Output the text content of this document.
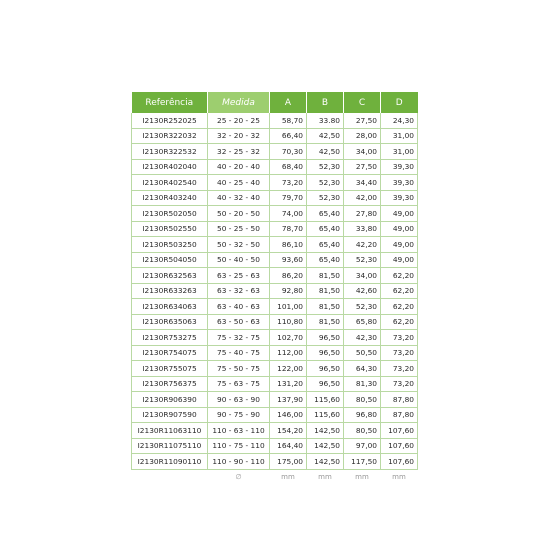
Referência	Medida	A	B	C	D
I2130R252025	25 - 20 - 25	58,70	33.80	27,50	24,30
I2130R322032	32 - 20 - 32	66,40	42,50	28,00	31,00
I2130R322532	32 - 25 - 32	70,30	42,50	34,00	31,00
I2130R402040	40 - 20 - 40	68,40	52,30	27,50	39,30
I2130R402540	40 - 25 - 40	73,20	52,30	34,40	39,30
I2130R403240	40 - 32 - 40	79,70	52,30	42,00	39,30
I2130R502050	50 - 20 - 50	74,00	65,40	27,80	49,00
I2130R502550	50 - 25 - 50	78,70	65,40	33,80	49,00
I2130R503250	50 - 32 - 50	86,10	65,40	42,20	49,00
I2130R504050	50 - 40 - 50	93,60	65,40	52,30	49,00
I2130R632563	63 - 25 - 63	86,20	81,50	34,00	62,20
I2130R633263	63 - 32 - 63	92,80	81,50	42,60	62,20
I2130R634063	63 - 40 - 63	101,00	81,50	52,30	62,20
I2130R635063	63 - 50 - 63	110,80	81,50	65,80	62,20
I2130R753275	75 - 32 - 75	102,70	96,50	42,30	73,20
I2130R754075	75 - 40 - 75	112,00	96,50	50,50	73,20
I2130R755075	75 - 50 - 75	122,00	96,50	64,30	73,20
I2130R756375	75 - 63 - 75	131,20	96,50	81,30	73,20
I2130R906390	90 - 63 - 90	137,90	115,60	80,50	87,80
I2130R907590	90 - 75 - 90	146,00	115,60	96,80	87,80
I2130R11063110	110 - 63 - 110	154,20	142,50	80,50	107,60
I2130R11075110	110 - 75 - 110	164,40	142,50	97,00	107,60
I2130R11090110	110 - 90 - 110	175,00	142,50	117,50	107,60
	∅	mm	mm	mm	mm
